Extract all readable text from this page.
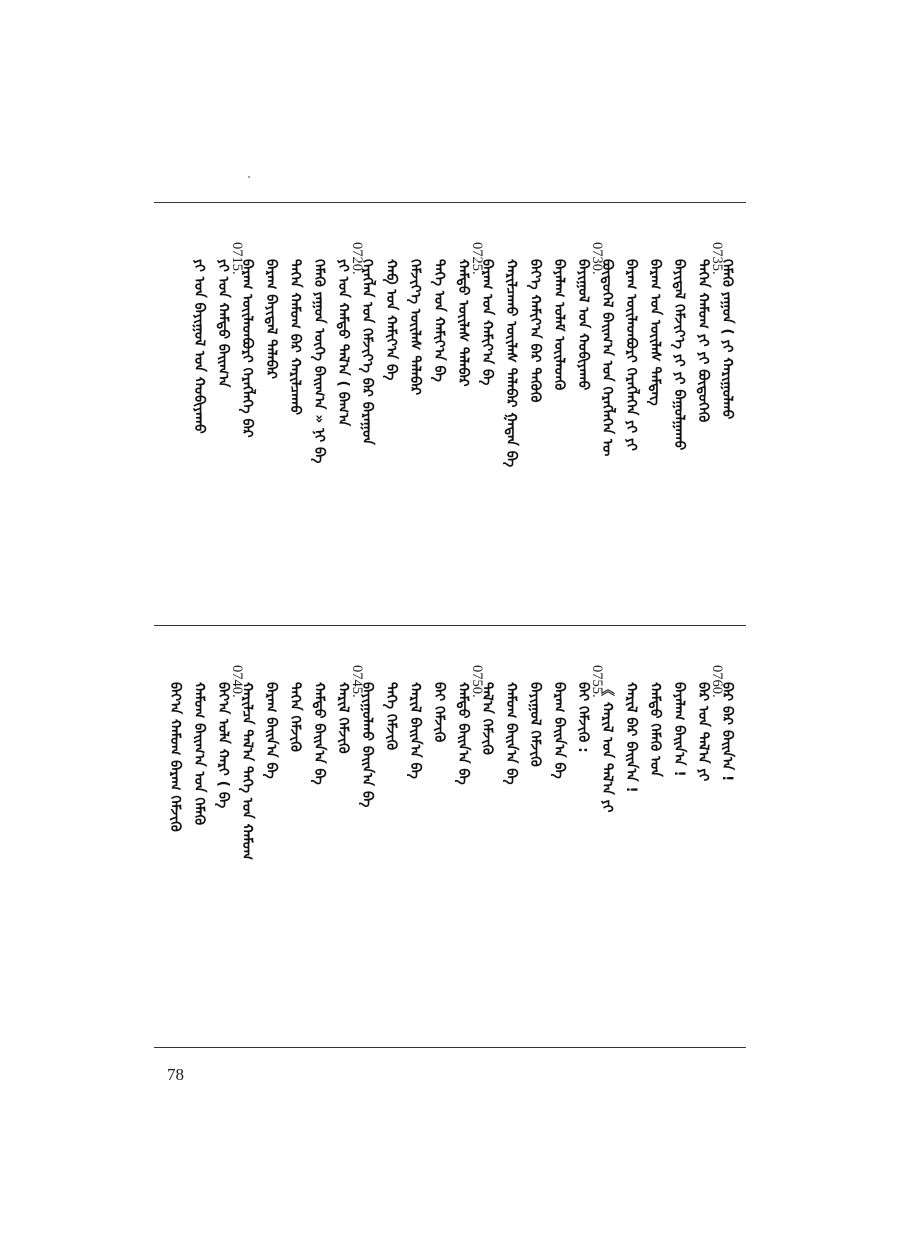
ᠬᠡᠮᠡᠬᠦ ᠶᠠᠭᠤᠨ ( ᠶᠢ ᠬᠠᠷᠢᠭᠤᠯᠬᠤ
ᠲᠡᠭᠡᠨ ᠬᠠᠮᠤᠭ ᠶᠢ ᠶᠢ ᠪᠦᠲᠦᠭᠡᠬᠦ
0735.
ᠪᠠᠶᠢᠳᠠᠯ ᠬᠡᠮᠵᠢᠶ᠎ᠡ ᠶᠢ ᠶᠢ ᠪᠠᠭᠤᠯᠭᠠᠬᠤ
ᠪᠠᠷᠠᠭ ᠤᠨ ᠦᠢᠯᠡᠰ ᠲᠡᠮᠳᠡᠭ
ᠪᠠᠷᠠᠭ ᠦᠢᠯᠡᠳᠪᠦᠷᠢ ᠬᠡᠷᠡᠭᠯᠡᠭᠡᠨ ᠶᠢ ᠶᠢ
ᠪᠦᠲᠦᠭᠡᠯ ᠪᠠᠢᠭ᠎ᠠ ᠤᠨ ᠬᠡᠷᠡᠭᠯᠡᠭᠡᠨ ᠦ
ᠪᠠᠶᠢᠭᠤᠯ ᠤᠨ ᠬᠤᠪᠢᠶᠠᠬᠤ
0730.
ᠪᠠᠶᠠᠯᠠᠭ ᠤᠯᠠᠮ ᠦᠢᠯᠡᠳᠬᠦ
ᠪᠡᠶ᠎ᠡ ᠬᠠᠮᠢᠶ᠎ᠠ ᠪᠡᠷ ᠲᠡᠭᠦᠬᠦ
ᠬᠠᠷᠢᠯᠴᠠᠬᠤ ᠦᠢᠯᠡᠰ ᠲᠠᠯᠠᠪᠠᠷ ᠭᠠᠳᠠᠨ ᠪᠠ
ᠪᠠᠷᠠᠭ ᠤᠨ ᠬᠠᠮᠢᠶ᠎ᠠ ᠪᠠ
ᠬᠠᠮᠲᠤ ᠦᠢᠯᠡᠰ ᠲᠠᠯᠠᠪᠠᠷ
0725.
ᠲᠡᠭᠡ ᠤᠨ ᠬᠠᠮᠢᠶ᠎ᠠ ᠪᠠ
ᠬᠡᠮᠵᠢᠶ᠎ᠡ ᠦᠢᠯᠡᠰ ᠲᠠᠯᠠᠪᠠᠷ
ᠬᠠᠪ ᠤᠨ ᠬᠠᠮᠢᠶ᠎ᠠ ᠪᠠ
ᠬᠡᠷᠡᠭᠯᠡᠨ ᠤᠨ ᠬᠡᠮᠵᠢᠶ᠎ᠡ ᠪᠡᠷ ᠪᠠᠷᠠᠭᠤᠨ
ᠶᠢ ᠤᠨ ᠬᠠᠮᠲᠤ ᠲᠠᠯ᠎ᠠ ( ᠪᠠᠭ᠎ᠠ
0720.
ᠬᠡᠮᠡᠬᠦ ᠶᠠᠭᠤᠨ ᠦᠭᠡ ᠪᠠᠢᠭ᠎ᠠ » ᠨᠢ ᠪᠠ
ᠲᠡᠭᠡᠨ ᠬᠠᠮᠤᠭ ᠪᠡᠷ ᠬᠠᠷᠢᠯᠴᠠᠬᠤ
ᠪᠠᠷᠠᠭ ᠪᠠᠶᠢᠳᠠᠯ ᠲᠠᠯᠠᠪᠠᠷ
ᠪᠠᠷᠠᠭ ᠦᠢᠯᠡᠳᠪᠦᠷᠢ ᠬᠡᠷᠡᠭᠯᠡᠭᠡ ᠪᠡᠷ
ᠶᠢ ᠤᠨ ᠬᠠᠮᠲᠤ ᠪᠠᠢᠭ᠎ᠠ
0715.
ᠶᠢ ᠤᠨ ᠪᠠᠶᠢᠭᠤᠯ ᠤᠨ ᠬᠤᠪᠢᠶᠠᠬᠤ
ᠪᠠᠷ ᠪᠡᠷ ᠪᠠᠢᠨ᠎ᠠ !
ᠪᠠᠷ ᠤᠨ ᠲᠠᠯ᠎ᠠ ᠶᠢ
0760.
ᠪᠠᠶᠠᠯᠠᠭ ᠪᠠᠢᠨ᠎ᠠ !
ᠬᠠᠮᠲᠤ ᠬᠡᠮᠡᠬᠦ ᠤᠨ
ᠬᠠᠷᠢᠯ ᠪᠡᠷ ᠪᠠᠢᠨ᠎ᠠ !
《 ᠬᠠᠷᠢᠯ ᠤᠨ ᠲᠠᠯ᠎ᠠ ᠶᠢ
ᠪᠠᠢ ᠬᠡᠮᠵᠢᠬᠦ :
0755.
ᠪᠠᠷᠠᠭ ᠪᠠᠢᠨ᠎ᠠ ᠪᠠ
ᠪᠠᠶᠢᠭᠤᠯ ᠬᠡᠮᠵᠢᠬᠦ
ᠬᠠᠮᠤᠭ ᠪᠠᠢᠨ᠎ᠠ ᠪᠠ
ᠲᠠᠯ᠎ᠠ ᠬᠡᠮᠵᠢᠬᠦ
ᠬᠠᠮᠲᠤ ᠪᠠᠢᠨ᠎ᠠ ᠪᠠ
0750.
ᠪᠠᠢ ᠬᠡᠮᠵᠢᠬᠦ
ᠬᠠᠷᠢᠯ ᠪᠠᠢᠨ᠎ᠠ ᠪᠠ
ᠲᠡᠭᠡ ᠬᠡᠮᠵᠢᠬᠦ
ᠪᠠᠶᠢᠭᠤᠯᠬᠤ ᠪᠠᠢᠨ᠎ᠠ ᠪᠠ
ᠬᠠᠷᠢᠯ ᠬᠡᠮᠵᠢᠬᠦ
0745.
ᠬᠠᠮᠲᠤ ᠪᠠᠢᠨ᠎ᠠ ᠪᠠ
ᠲᠡᠭᠡᠨ ᠬᠡᠮᠵᠢᠬᠦ
ᠪᠠᠷᠠᠭ ᠪᠠᠢᠨ᠎ᠠ ᠪᠠ
ᠬᠠᠷᠢᠯᠴᠠ ᠲᠠᠯ᠎ᠠ ᠲᠡᠭᠡ ᠤᠨ ᠬᠠᠮᠤᠭ
ᠪᠠᠶ᠎ᠠ ᠤᠯᠠ ᠬᠠᠷᠢ ( ᠪᠠ
0740.
ᠬᠠᠮᠤᠭ ᠪᠠᠢᠭ᠎ᠠ ᠤᠨ ᠬᠡᠮᠡᠬᠦ
ᠪᠠᠶ᠎ᠠ ᠬᠠᠮᠤᠭ ᠪᠠᠷᠠᠭ ᠬᠡᠮᠵᠢᠬᠦ
78
